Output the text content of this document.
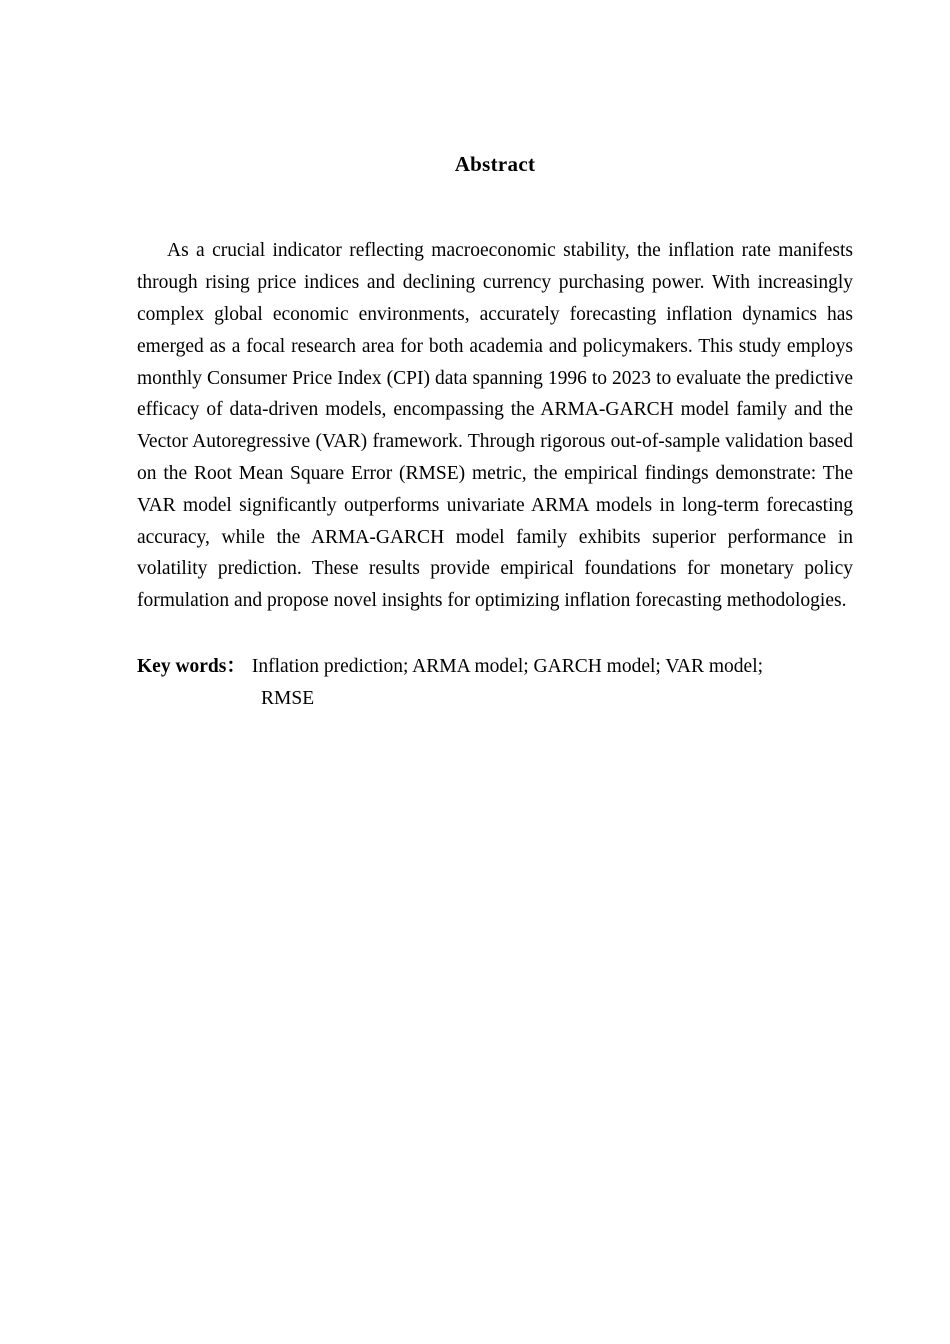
Abstract

As a crucial indicator reflecting macroeconomic stability, the inflation rate manifests through rising price indices and declining currency purchasing power. With increasingly complex global economic environments, accurately forecasting inflation dynamics has emerged as a focal research area for both academia and policymakers. This study employs monthly Consumer Price Index (CPI) data spanning 1996 to 2023 to evaluate the predictive efficacy of data-driven models, encompassing the ARMA-GARCH model family and the Vector Autoregressive (VAR) framework. Through rigorous out-of-sample validation based on the Root Mean Square Error (RMSE) metric, the empirical findings demonstrate: The VAR model significantly outperforms univariate ARMA models in long-term forecasting accuracy, while the ARMA-GARCH model family exhibits superior performance in volatility prediction. These results provide empirical foundations for monetary policy formulation and propose novel insights for optimizing inflation forecasting methodologies.

Key words ： Inflation prediction; ARMA model; GARCH model; VAR model;
RMSE
